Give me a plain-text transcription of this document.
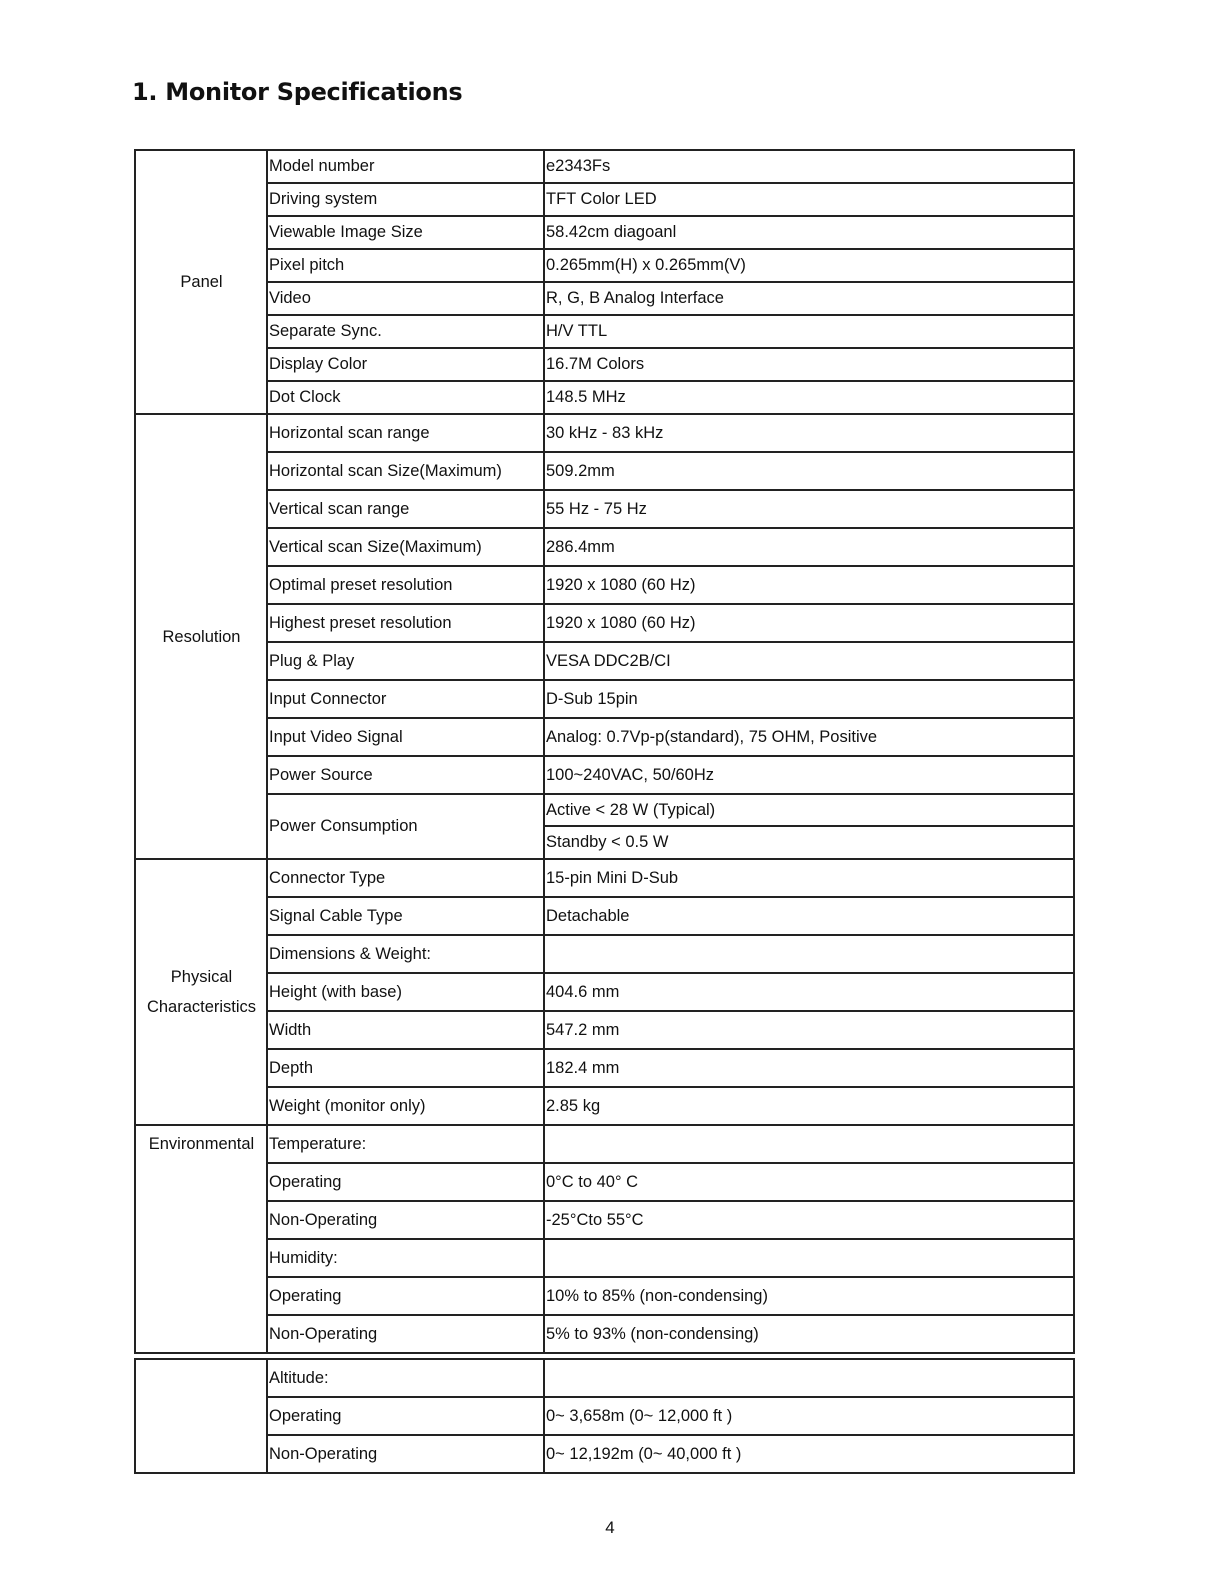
1. Monitor Specifications
Panel	Model number	e2343Fs
	Driving system	TFT Color LED
	Viewable Image Size	58.42cm diagoanl
	Pixel pitch	0.265mm(H) x 0.265mm(V)
	Video	R, G, B Analog Interface
	Separate Sync.	H/V TTL
	Display Color	16.7M Colors
	Dot Clock	148.5 MHz
Resolution	Horizontal scan range	30 kHz - 83 kHz
	Horizontal scan Size(Maximum)	509.2mm
	Vertical scan range	55 Hz - 75 Hz
	Vertical scan Size(Maximum)	286.4mm
	Optimal preset resolution	1920 x 1080 (60 Hz)
	Highest preset resolution	1920 x 1080 (60 Hz)
	Plug & Play	VESA DDC2B/CI
	Input Connector	D-Sub 15pin
	Input Video Signal	Analog: 0.7Vp-p(standard), 75 OHM, Positive
	Power Source	100~240VAC, 50/60Hz
	Power Consumption	Active < 28 W (Typical)
		Standby < 0.5 W
Physical Characteristics	Connector Type	15-pin Mini D-Sub
	Signal Cable Type	Detachable
	Dimensions & Weight:	
	Height (with base)	404.6 mm
	Width	547.2 mm
	Depth	182.4 mm
	Weight (monitor only)	2.85 kg
Environmental	Temperature:	
	Operating	0°C to 40° C
	Non-Operating	-25°Cto 55°C
	Humidity:	
	Operating	10% to 85% (non-condensing)
	Non-Operating	5% to 93% (non-condensing)
	Altitude:	
	Operating	0~ 3,658m (0~ 12,000 ft )
	Non-Operating	0~ 12,192m (0~ 40,000 ft )
4
